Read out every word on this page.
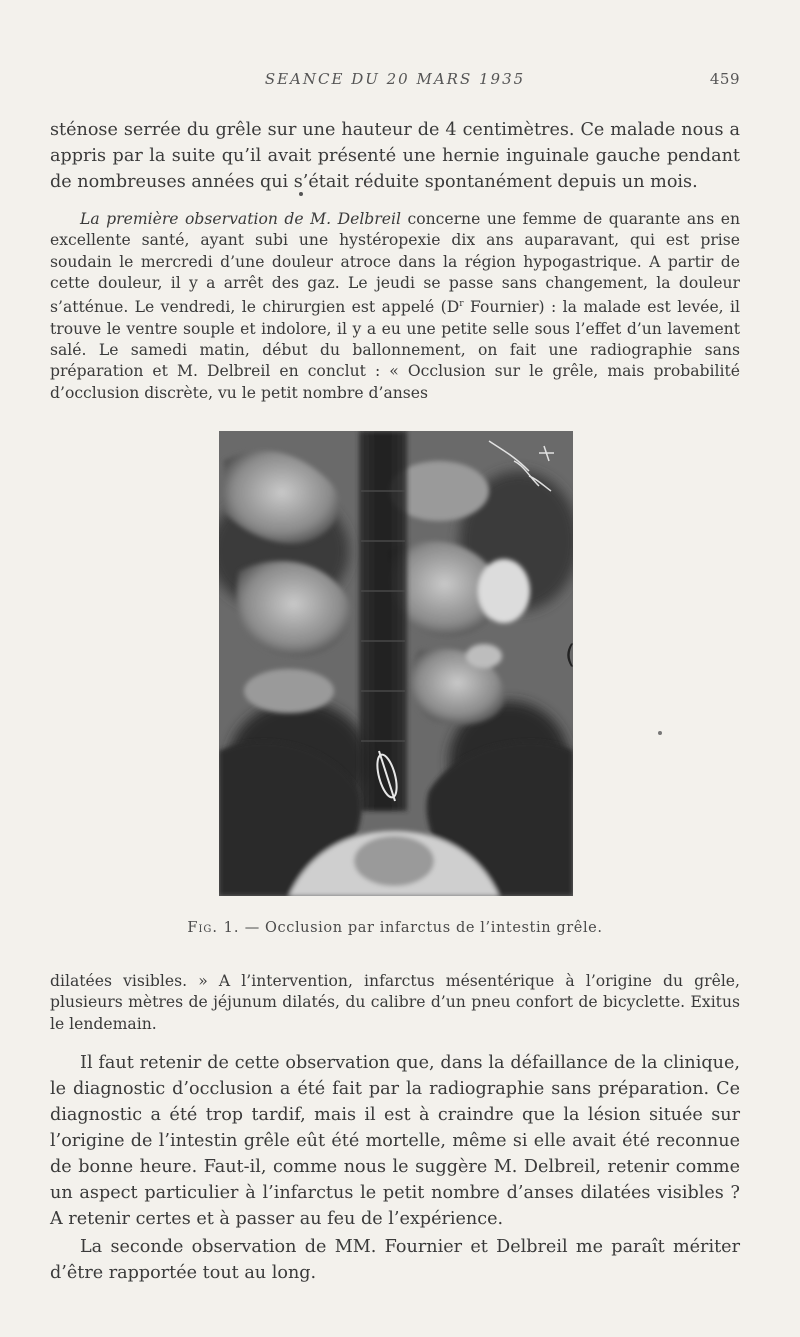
SEANCE DU 20 MARS 1935	459

sténose serrée du grêle sur une hauteur de 4 centimètres. Ce malade nous a appris par la suite qu’il avait présenté une hernie inguinale gauche pendant de nombreuses années qui s’était réduite spontanément depuis un mois.

La première observation de M. Delbreil concerne une femme de quarante ans en excellente santé, ayant subi une hystéropexie dix ans auparavant, qui est prise soudain le mercredi d’une douleur atroce dans la région hypogastrique. A partir de cette douleur, il y a arrêt des gaz. Le jeudi se passe sans changement, la douleur s’atténue. Le vendredi, le chirurgien est appelé ($D^r$ Fournier) : la malade est levée, il trouve le ventre souple et indolore, il y a eu une petite selle sous l’effet d’un lavement salé. Le samedi matin, début du ballonnement, on fait une radiographie sans préparation et M. Delbreil en conclut : « Occlusion sur le grêle, mais probabilité d’occlusion discrète, vu le petit nombre d’anses

(
Fig. 1. — Occlusion par infarctus de l’intestin grêle.

dilatées visibles. » A l’intervention, infarctus mésentérique à l’origine du grêle, plusieurs mètres de jéjunum dilatés, du calibre d’un pneu confort de bicyclette. Exitus le lendemain.

Il faut retenir de cette observation que, dans la défaillance de la clinique, le diagnostic d’occlusion a été fait par la radiographie sans préparation. Ce diagnostic a été trop tardif, mais il est à craindre que la lésion située sur l’origine de l’intestin grêle eût été mortelle, même si elle avait été reconnue de bonne heure. Faut-il, comme nous le suggère M. Delbreil, retenir comme un aspect particulier à l’infarctus le petit nombre d’anses dilatées visibles ? A retenir certes et à passer au feu de l’expérience.

La seconde observation de MM. Fournier et Delbreil me paraît mériter d’être rapportée tout au long.
